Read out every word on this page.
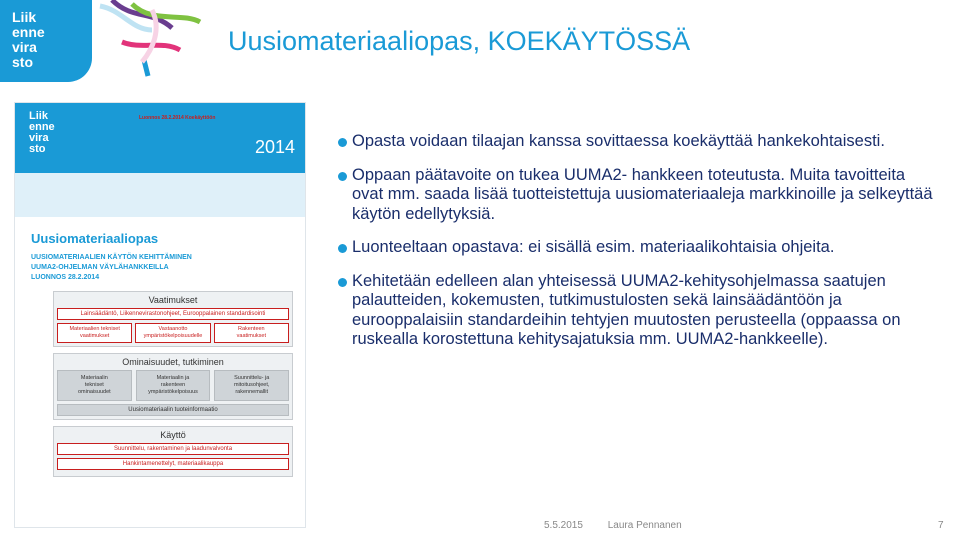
Liik
enne
vira
sto
Uusiomateriaaliopas, KOEKÄYTÖSSÄ
Liik
enne
vira
sto
Luonnos 28.2.2014 Koekäyttöön
2014
Uusiomateriaaliopas
UUSIOMATERIAALIEN KÄYTÖN KEHITTÄMINEN
UUMA2-OHJELMAN VÄYLÄHANKKEILLA
LUONNOS 28.2.2014
Vaatimukset
Lainsäädäntö, Liikennevirastonohjeet, Eurooppalainen standardisointi
Materiaalien tekniset
vaatimukset
Vastaanotto
ympäristökelpoisuudelle
Rakenteen
vaatimukset
Ominaisuudet, tutkiminen
Materiaalin
tekniset
ominaisuudet
Materiaalin ja
rakenteen
ympäristökelpoisuus
Suunnittelu- ja
mitoitusohjeet,
rakennemallit
Uusiomateriaalin tuoteinformaatio
Käyttö
Suunnittelu, rakentaminen ja laadunvalvonta
Hankintamenettelyt, materiaalikauppa
Opasta voidaan tilaajan kanssa sovittaessa koekäyttää hankekohtaisesti.
Oppaan päätavoite on tukea UUMA2- hankkeen toteutusta. Muita tavoitteita ovat mm. saada lisää tuotteistettuja uusiomateriaaleja markkinoille ja selkeyttää käytön edellytyksiä.
Luonteeltaan opastava: ei sisällä esim. materiaalikohtaisia ohjeita.
Kehitetään edelleen alan yhteisessä UUMA2-kehitysohjelmassa saatujen palautteiden, kokemusten, tutkimustulosten sekä lainsäädäntöön ja eurooppalaisiin standardeihin tehtyjen muutosten perusteella (oppaassa on ruskealla korostettuna kehitysajatuksia mm. UUMA2-hankkeelle).
5.5.2015 Laura Pennanen	7
